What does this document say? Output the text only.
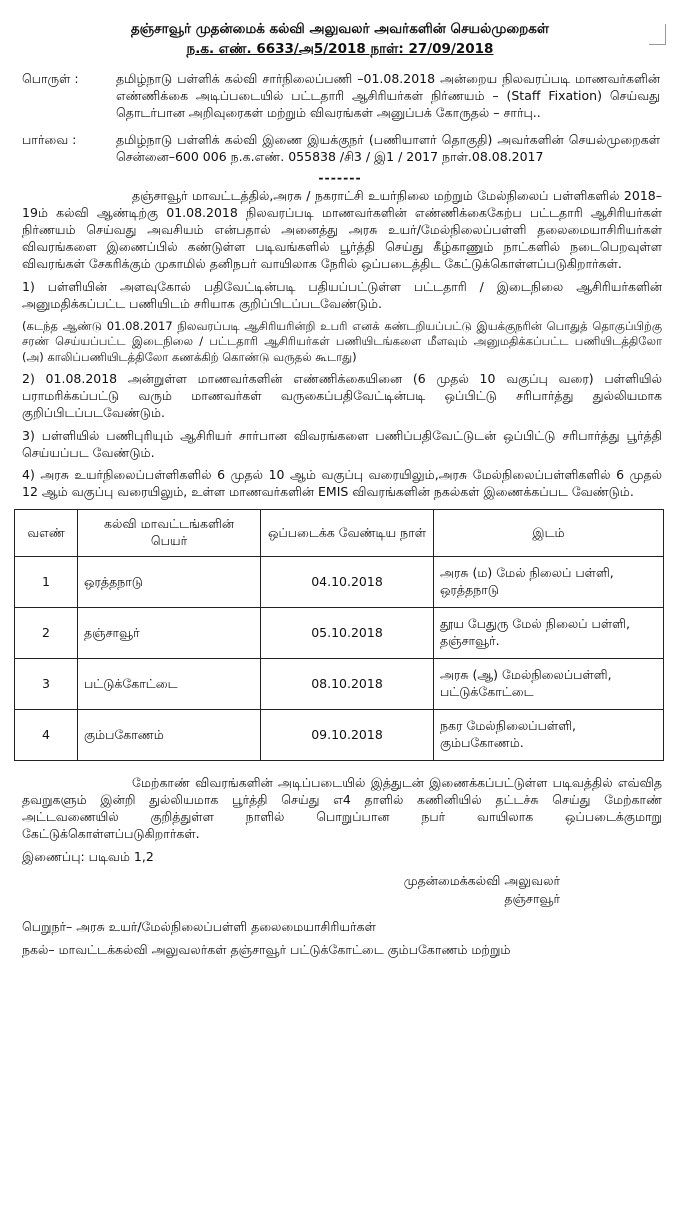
தஞ்சாவூர் முதன்மைக் கல்வி அலுவலர் அவர்களின் செயல்முறைகள்
ந.க. எண். 6633/அ5/2018 நாள்: 27/09/2018
பொருள் :	தமிழ்நாடு பள்ளிக் கல்வி சார்நிலைப்பணி –01.08.2018 அன்றைய நிலவரப்படி மாணவர்களின் எண்ணிக்கை அடிப்படையில் பட்டதாரி ஆசிரியர்கள் நிர்ணயம் – (Staff Fixation) செய்வது தொடர்பான அறிவுரைகள் மற்றும் விவரங்கள் அனுப்பக் கோருதல் – சார்பு..
பார்வை :	தமிழ்நாடு பள்ளிக் கல்வி இணை இயக்குநர் (பணியாளர் தொகுதி) அவர்களின் செயல்முறைகள் சென்னை–600 006 ந.க.எண். 055838 /சி3 / இ1 / 2017 நாள்.08.08.2017
-------

தஞ்சாவூர் மாவட்டத்தில்,அரசு / நகராட்சி உயர்நிலை மற்றும் மேல்நிலைப் பள்ளிகளில் 2018–19ம் கல்வி ஆண்டிற்கு 01.08.2018 நிலவரப்படி மாணவர்களின் எண்ணிக்கைகேற்ப பட்டதாரி ஆசிரியர்கள் நிர்ணயம் செய்வது அவசியம் என்பதால் அனைத்து அரசு உயர்/மேல்நிலைப்பள்ளி தலைமையாசிரியர்கள் விவரங்களை இணைப்பில் கண்டுள்ள படிவங்களில் பூர்த்தி செய்து கீழ்காணும் நாட்களில் நடைபெறவுள்ள விவரங்கள் சேகரிக்கும் முகாமில் தனிநபர் வாயிலாக நேரில் ஒப்படைத்திட கேட்டுக்கொள்ளப்படுகிறார்கள்.

1) பள்ளியின் அளவுகோல் பதிவேட்டின்படி பதியப்பட்டுள்ள பட்டதாரி / இடைநிலை ஆசிரியர்களின் அனுமதிக்கப்பட்ட பணியிடம் சரியாக குறிப்பிடப்படவேண்டும்.

(கடந்த ஆண்டு 01.08.2017 நிலவரப்படி ஆசிரியரின்றி உபரி எனக் கண்டறியப்பட்டு இயக்குநரின் பொதுத் தொகுப்பிற்கு சரண் செய்யப்பட்ட இடைநிலை / பட்டதாரி ஆசிரியர்கள் பணியிடங்களை மீளவும் அனுமதிக்கப்பட்ட பணியிடத்திலோ (அ) காலிப்பணியிடத்திலோ கணக்கிற் கொண்டு வருதல் கூடாது)

2) 01.08.2018 அன்றுள்ள மாணவர்களின் எண்ணிக்கையினை (6 முதல் 10 வகுப்பு வரை) பள்ளியில் பராமரிக்கப்பட்டு வரும் மாணவர்கள் வருகைப்பதிவேட்டின்படி ஒப்பிட்டு சரிபார்த்து துல்லியமாக குறிப்பிடப்படவேண்டும்.

3) பள்ளியில் பணிபுரியும் ஆசிரியர் சார்பான விவரங்களை பணிப்பதிவேட்டுடன் ஒப்பிட்டு சரிபார்த்து பூர்த்தி செய்யப்பட வேண்டும்.

4) அரசு உயர்நிலைப்பள்ளிகளில் 6 முதல் 10 ஆம் வகுப்பு வரையிலும்,அரசு மேல்நிலைப்பள்ளிகளில் 6 முதல் 12 ஆம் வகுப்பு வரையிலும், உள்ள மாணவர்களின் EMIS விவரங்களின் நகல்கள் இணைக்கப்பட வேண்டும்.

வஎண்	கல்வி மாவட்டங்களின் பெயர்	ஒப்படைக்க வேண்டிய நாள்	இடம்
1	ஒரத்தநாடு	04.10.2018	அரசு (ம) மேல் நிலைப் பள்ளி, ஒரத்தநாடு
2	தஞ்சாவூர்	05.10.2018	தூய பேதுரு மேல் நிலைப் பள்ளி, தஞ்சாவூர்.
3	பட்டுக்கோட்டை	08.10.2018	அரசு (ஆ) மேல்நிலைப்பள்ளி, பட்டுக்கோட்டை
4	கும்பகோணம்	09.10.2018	நகர மேல்நிலைப்பள்ளி, கும்பகோணம்.

மேற்காண் விவரங்களின் அடிப்படையில் இத்துடன் இணைக்கப்பட்டுள்ள படிவத்தில் எவ்வித தவறுகளும் இன்றி துல்லியமாக பூர்த்தி செய்து எ4 தாளில் கணினியில் தட்டச்சு செய்து மேற்காண் அட்டவணையில் குறித்துள்ள நாளில் பொறுப்பான நபர் வாயிலாக ஒப்படைக்குமாறு கேட்டுக்கொள்ளப்படுகிறார்கள்.

இணைப்பு: படிவம் 1,2

முதன்மைக்கல்வி அலுவலர்
தஞ்சாவூர்

பெறுநர்– அரசு உயர்/மேல்நிலைப்பள்ளி தலைமையாசிரியர்கள்

நகல்– மாவட்டக்கல்வி அலுவலர்கள் தஞ்சாவூர் பட்டுக்கோட்டை கும்பகோணம் மற்றும்
